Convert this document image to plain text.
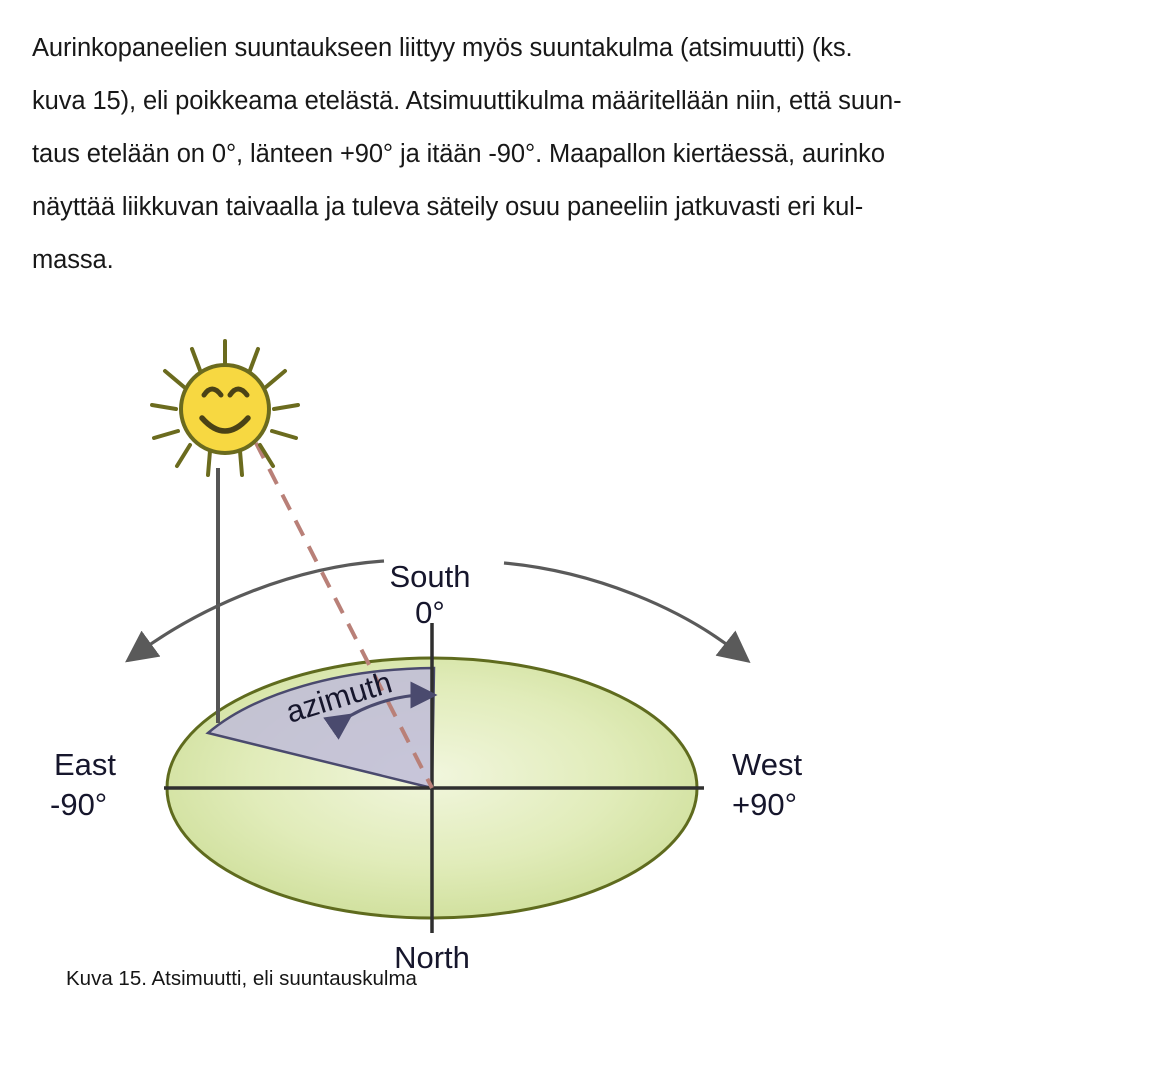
Aurinkopaneelien suuntaukseen liittyy myös suuntakulma (atsimuutti) (ks.
kuva 15), eli poikkeama etelästä. Atsimuuttikulma määritellään niin, että suun-
taus etelään on 0°, länteen +90° ja itään -90°. Maapallon kiertäessä, aurinko
näyttää liikkuvan taivaalla ja tuleva säteily osuu paneeliin jatkuvasti eri kul-
massa.
South
0°
North
East
-90°
West
+90°
azimuth
Kuva 15. Atsimuutti, eli suuntauskulma
